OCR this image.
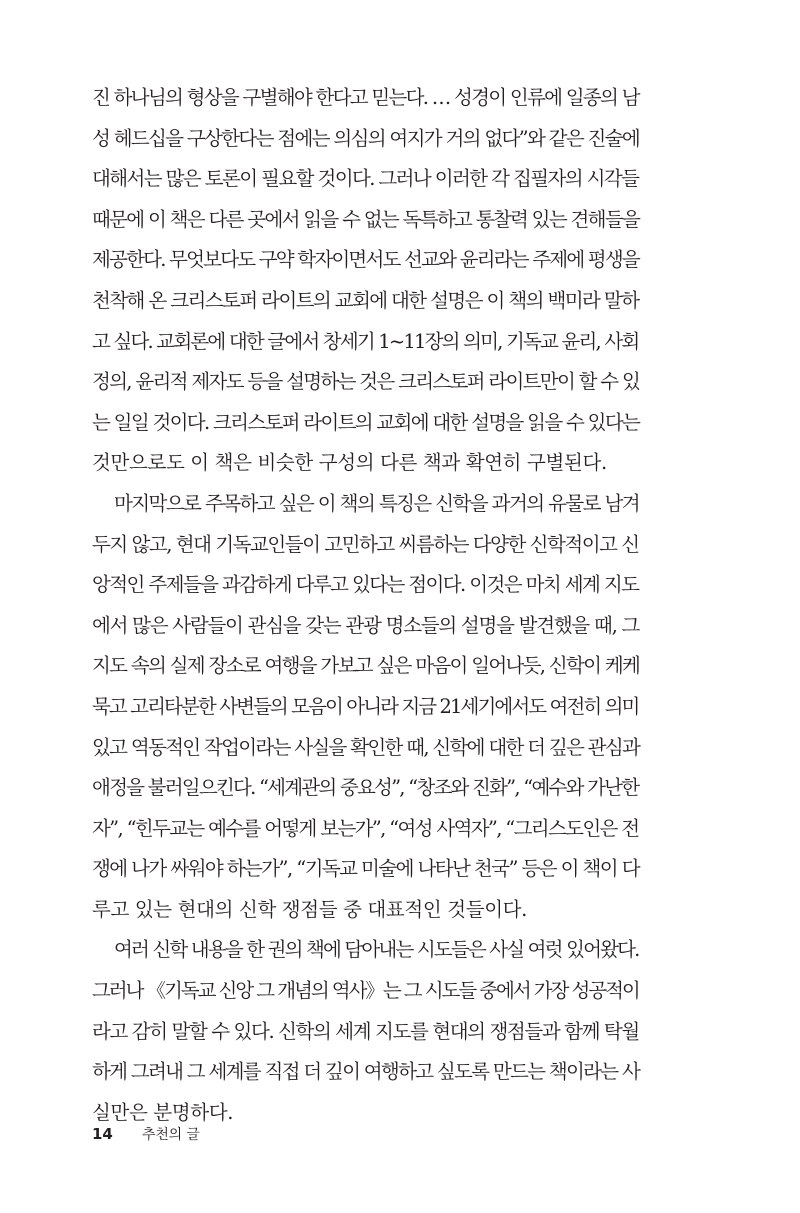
진 하나님의 형상을 구별해야 한다고 믿는다. … 성경이 인류에 일종의 남
성 헤드십을 구상한다는 점에는 의심의 여지가 거의 없다”와 같은 진술에
대해서는 많은 토론이 필요할 것이다. 그러나 이러한 각 집필자의 시각들
때문에 이 책은 다른 곳에서 읽을 수 없는 독특하고 통찰력 있는 견해들을
제공한다. 무엇보다도 구약 학자이면서도 선교와 윤리라는 주제에 평생을
천착해 온 크리스토퍼 라이트의 교회에 대한 설명은 이 책의 백미라 말하
고 싶다. 교회론에 대한 글에서 창세기 1~11장의 의미, 기독교 윤리, 사회
정의, 윤리적 제자도 등을 설명하는 것은 크리스토퍼 라이트만이 할 수 있
는 일일 것이다. 크리스토퍼 라이트의 교회에 대한 설명을 읽을 수 있다는
것만으로도 이 책은 비슷한 구성의 다른 책과 확연히 구별된다.
마지막으로 주목하고 싶은 이 책의 특징은 신학을 과거의 유물로 남겨
두지 않고, 현대 기독교인들이 고민하고 씨름하는 다양한 신학적이고 신
앙적인 주제들을 과감하게 다루고 있다는 점이다. 이것은 마치 세계 지도
에서 많은 사람들이 관심을 갖는 관광 명소들의 설명을 발견했을 때, 그
지도 속의 실제 장소로 여행을 가보고 싶은 마음이 일어나듯, 신학이 케케
묵고 고리타분한 사변들의 모음이 아니라 지금 21세기에서도 여전히 의미
있고 역동적인 작업이라는 사실을 확인한 때, 신학에 대한 더 깊은 관심과
애정을 불러일으킨다. “세계관의 중요성”, “창조와 진화”, “예수와 가난한
자”, “힌두교는 예수를 어떻게 보는가”, “여성 사역자”, “그리스도인은 전
쟁에 나가 싸워야 하는가”, “기독교 미술에 나타난 천국” 등은 이 책이 다
루고 있는 현대의 신학 쟁점들 중 대표적인 것들이다.
여러 신학 내용을 한 권의 책에 담아내는 시도들은 사실 여럿 있어왔다.
그러나 《기독교 신앙 그 개념의 역사》는 그 시도들 중에서 가장 성공적이
라고 감히 말할 수 있다. 신학의 세계 지도를 현대의 쟁점들과 함께 탁월
하게 그려내 그 세계를 직접 더 깊이 여행하고 싶도록 만드는 책이라는 사
실만은 분명하다.
14 추천의 글
